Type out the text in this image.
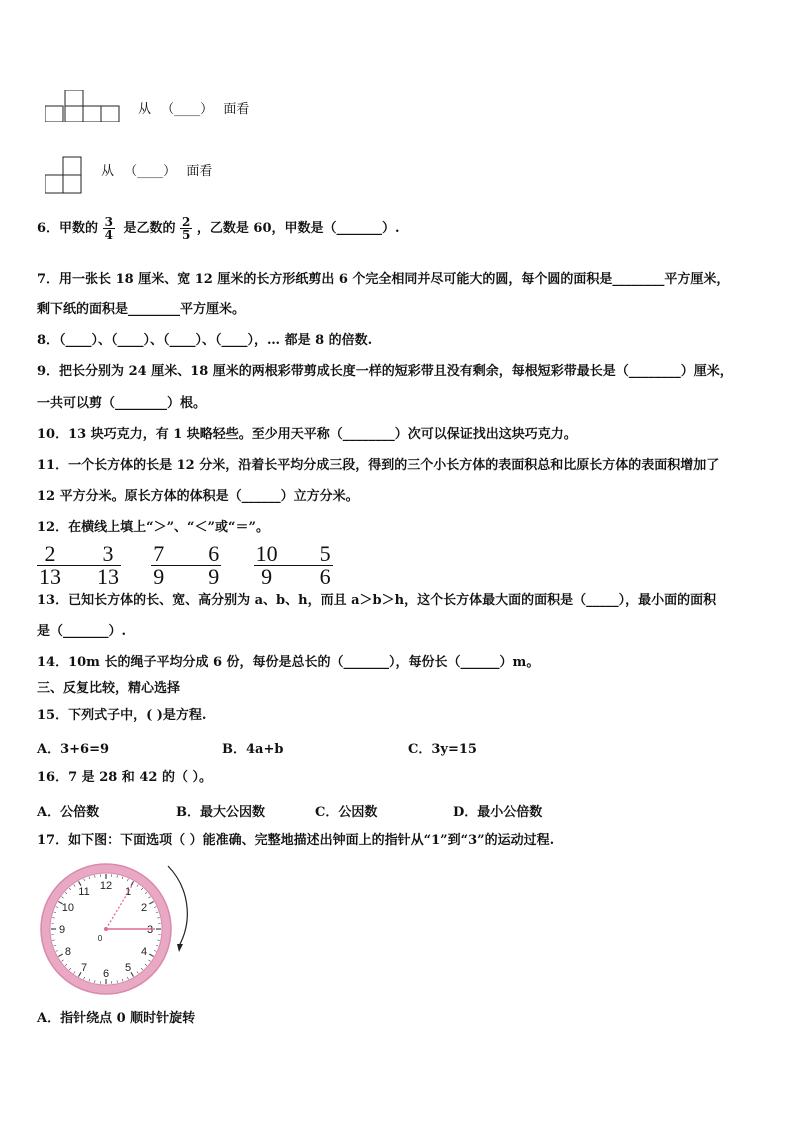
从 （____） 面看
从 （____） 面看
6．甲数的 $\frac{3}{4}$ 是乙数的 $\frac{2}{5}$ ，乙数是 60，甲数是（_______）.
7．用一张长 18 厘米、宽 12 厘米的长方形纸剪出 6 个完全相同并尽可能大的圆，每个圆的面积是________平方厘米，
剩下纸的面积是________平方厘米。
8．（____）、（____）、（____）、（____），… 都是 8 的倍数.
9．把长分别为 24 厘米、18 厘米的两根彩带剪成长度一样的短彩带且没有剩余，每根短彩带最长是（________）厘米，
一共可以剪（________）根。
10．13 块巧克力，有 1 块略轻些。至少用天平称（________）次可以保证找出这块巧克力。
11．一个长方体的长是 12 分米，沿着长平均分成三段，得到的三个小长方体的表面积总和比原长方体的表面积增加了
12 平方分米。原长方体的体积是（______）立方分米。
12．在横线上填上“＞”、“＜”或“＝”。
$\frac{2}{13} \frac{3}{13}$
$\frac{7}{9} \frac{6}{9}$
$\frac{10}{9} \frac{5}{6}$
13．已知长方体的长、宽、高分别为 a、b、h，而且 a＞b＞h，这个长方体最大面的面积是（_____），最小面的面积
是（_______）.
14．10m 长的绳子平均分成 6 份，每份是总长的（_______），每份长（______）m。
三、反复比较，精心选择
15．下列式子中，( )是方程.
A．3+6=9	B．4a+b	C．3y=15
16．7 是 28 和 42 的（ ）。
A．公倍数	B．最大公因数	C．公因数	D．最小公倍数
17．如下图：下面选项（ ）能准确、完整地描述出钟面上的指针从“1”到“3”的运动过程.
12 1
2
3
4
5
6
7
8
9
10
11
0
A．指针绕点 0 顺时针旋转
